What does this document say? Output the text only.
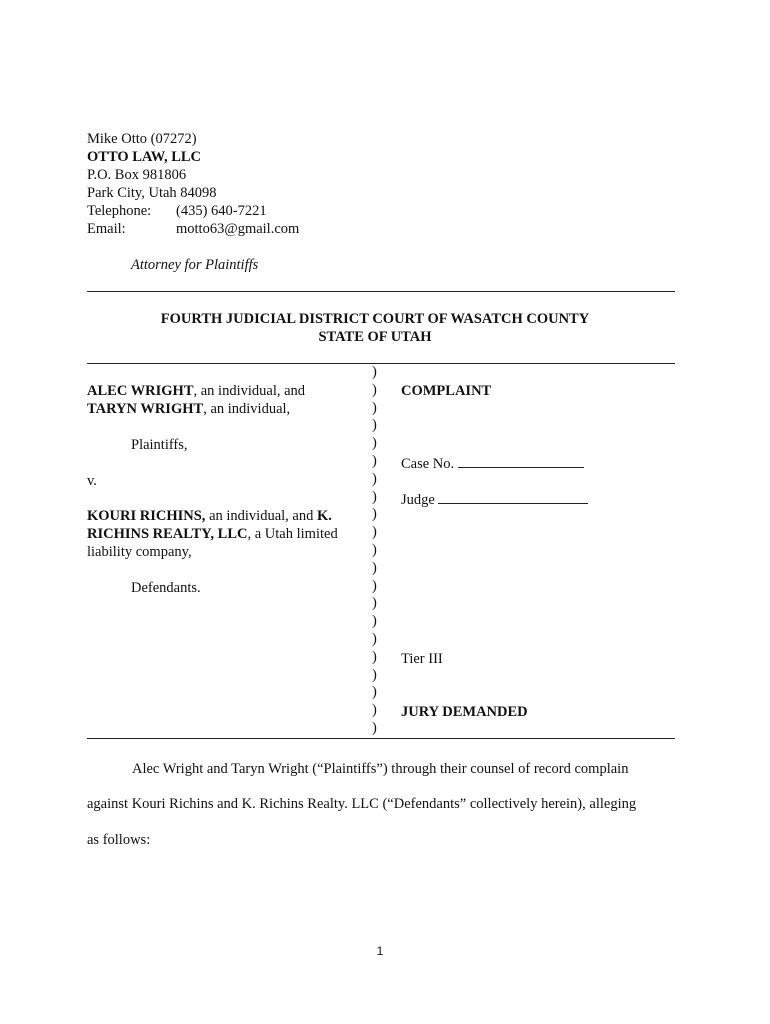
Mike Otto (07272)
OTTO LAW, LLC
P.O. Box 981806
Park City, Utah 84098
Telephone: (435) 640-7221
Email:	motto63@gmail.com
Attorney for Plaintiffs
FOURTH JUDICIAL DISTRICT COURT OF WASATCH COUNTY
STATE OF UTAH
ALEC WRIGHT, an individual, and
TARYN WRIGHT, an individual,
Plaintiffs,
v.
KOURI RICHINS, an individual, and K.
RICHINS REALTY, LLC, a Utah limited
liability company,
Defendants.
)
)
)
)
)
)
)
)
)
)
)
)
)
)
)
)
)
)
)
)
)
COMPLAINT
Case No.
Judge
Tier III
JURY DEMANDED
Alec Wright and Taryn Wright (“Plaintiffs”) through their counsel of record complain
against Kouri Richins and K. Richins Realty. LLC (“Defendants” collectively herein), alleging
as follows:
1
